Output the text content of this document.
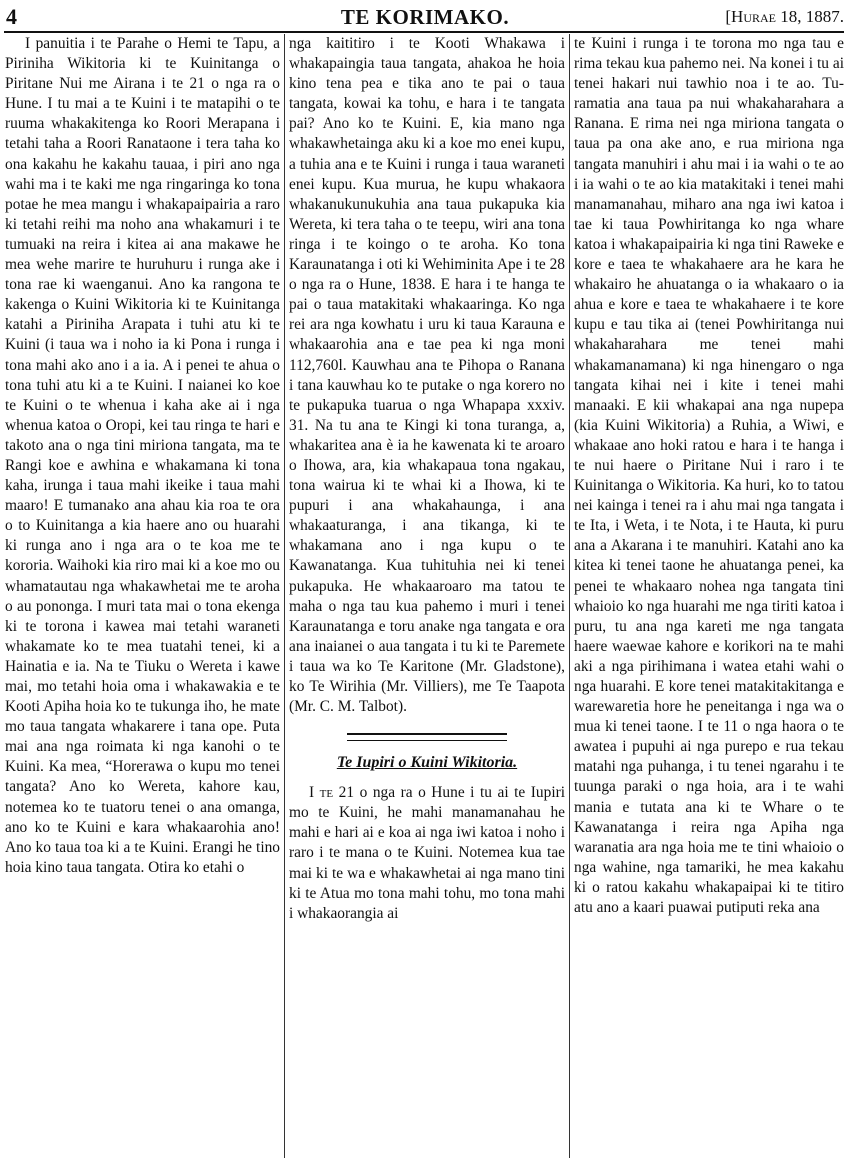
4	TE KORIMAKO.	[Hurae 18, 1887.

I panuitia i te Parahe o Hemi te Tapu, a Piriniha Wikitoria ki te Kuinitanga o Piritane Nui me Airana i te 21 o nga ra o Hune. I tu mai a te Kuini i te matapihi o te ruuma whakakitenga ko Roori Merapana i tetahi taha a Roori Ranataone i tera taha ko ona kakahu he kakahu tauaa, i piri ano nga wahi ma i te kaki me nga ringaringa ko tona potae he mea mangu i whakapaipairia a raro ki tetahi reihi ma noho ana whakamuri i te tumuaki na reira i kitea ai ana makawe he mea wehe marire te huruhuru i runga ake i tona rae ki waenganui. Ano ka rangona te kakenga o Kuini Wikitoria ki te Kuinitanga katahi a Piriniha Arapata i tuhi atu ki te Kuini (i taua wa i noho ia ki Pona i runga i tona mahi ako ano i a ia. A i penei te ahua o tona tuhi atu ki a te Kuini. I naianei ko koe te Kuini o te whenua i kaha ake ai i nga whenua katoa o Oropi, kei tau ringa te hari e takoto ana o nga tini miriona tangata, ma te Rangi koe e awhina e whakamana ki tona kaha, irunga i taua mahi ikeike i taua mahi maaro! E tumanako ana ahau kia roa te ora o to Kuinitanga a kia haere ano ou huarahi ki runga ano i nga ara o te koa me te kororia. Waihoki kia riro mai ki a koe mo ou whamatautau nga whakawhetai me te aroha o au pononga. I muri tata mai o tona ekenga ki te torona i kawea mai tetahi waraneti whakamate ko te mea tuatahi tenei, ki a Hainatia e ia. Na te Tiuku o Wereta i kawe mai, mo tetahi hoia oma i whakawakia e te Kooti Apiha hoia ko te tukunga iho, he mate mo taua tangata whakarere i tana ope. Puta mai ana nga roimata ki nga kanohi o te Kuini. Ka mea, “Horerawa o kupu mo tenei tangata? Ano ko Wereta, kahore kau, notemea ko te tuatoru tenei o ana omanga, ano ko te Kuini e kara whakaarohia ano! Ano ko taua toa ki a te Kuini. Erangi he tino hoia kino taua tangata. Otira ko etahi o

nga kaititiro i te Kooti Whakawa i whakapaingia taua tangata, ahakoa he hoia kino tena pea e tika ano te pai o taua tangata, kowai ka tohu, e hara i te tangata pai? Ano ko te Kuini. E, kia mano nga whakawhetainga aku ki a koe mo enei kupu, a tuhia ana e te Kuini i runga i taua waraneti enei kupu. Kua murua, he kupu whakaora whakanukunukuhia ana taua pukapuka kia Wereta, ki tera taha o te teepu, wiri ana tona ringa i te koingo o te aroha. Ko tona Karaunatanga i oti ki Wehiminita Ape i te 28 o nga ra o Hune, 1838. E hara i te hanga te pai o taua matakitaki whakaaringa. Ko nga rei ara nga kowhatu i uru ki taua Karauna e whakaarohia ana e tae pea ki nga moni 112,760l. Kauwhau ana te Pihopa o Ranana i tana kauwhau ko te putake o nga korero no te pukapuka tuarua o nga Whapapa xxxiv. 31. Na tu ana te Kingi ki tona turanga, a, whakaritea ana è ia he kawenata ki te aroaro o Ihowa, ara, kia whakapaua tona ngakau, tona wairua ki te whai ki a Ihowa, ki te pupuri i ana whakahaunga, i ana whakaaturanga, i ana tikanga, ki te whakamana ano i nga kupu o te Kawanatanga. Kua tuhituhia nei ki tenei pukapuka. He whakaaroaro ma tatou te maha o nga tau kua pahemo i muri i tenei Karaunatanga e toru anake nga tangata e ora ana inaianei o aua tangata i tu ki te Paremete i taua wa ko Te Karitone (Mr. Gladstone), ko Te Wirihia (Mr. Villiers), me Te Taapota (Mr. C. M. Talbot).

Te Iupiri o Kuini Wikitoria.

I te 21 o nga ra o Hune i tu ai te Iupiri mo te Kuini, he mahi manamanahau he mahi e hari ai e koa ai nga iwi katoa i noho i raro i te mana o te Kuini. Notemea kua tae mai ki te wa e whakawhetai ai nga mano tini ki te Atua mo tona mahi tohu, mo tona mahi i whakaorangia ai

te Kuini i runga i te torona mo nga tau e rima tekau kua pahemo nei. Na konei i tu ai tenei hakari nui tawhio noa i te ao. Tu-ramatia ana taua pa nui whakaharahara a Ranana. E rima nei nga miriona tangata o taua pa ona ake ano, e rua miriona nga tangata manuhiri i ahu mai i ia wahi o te ao i ia wahi o te ao kia matakitaki i tenei mahi manamanahau, miharo ana nga iwi katoa i tae ki taua Powhiritanga ko nga whare katoa i whakapaipairia ki nga tini Raweke e kore e taea te whakahaere ara he kara he whakairo he ahuatanga o ia whakaaro o ia ahua e kore e taea te whakahaere i te kore kupu e tau tika ai (tenei Powhiritanga nui whakaharahara me tenei mahi whakamanamana) ki nga hinengaro o nga tangata kihai nei i kite i tenei mahi manaaki. E kii whakapai ana nga nupepa (kia Kuini Wikitoria) a Ruhia, a Wiwi, e whakaae ano hoki ratou e hara i te hanga i te nui haere o Piritane Nui i raro i te Kuinitanga o Wikitoria. Ka huri, ko to tatou nei kainga i tenei ra i ahu mai nga tangata i te Ita, i Weta, i te Nota, i te Hauta, ki puru ana a Akarana i te manuhiri. Katahi ano ka kitea ki tenei taone he ahuatanga penei, ka penei te whakaaro nohea nga tangata tini whaioio ko nga huarahi me nga tiriti katoa i puru, tu ana nga kareti me nga tangata haere waewae kahore e korikori na te mahi aki a nga pirihimana i watea etahi wahi o nga huarahi. E kore tenei matakitakitanga e warewaretia hore he peneitanga i nga wa o mua ki tenei taone. I te 11 o nga haora o te awatea i pupuhi ai nga purepo e rua tekau matahi nga puhanga, i tu tenei ngarahu i te tuunga paraki o nga hoia, ara i te wahi mania e tutata ana ki te Whare o te Kawanatanga i reira nga Apiha nga waranatia ara nga hoia me te tini whaioio o nga wahine, nga tamariki, he mea kakahu ki o ratou kakahu whakapaipai ki te titiro atu ano a kaari puawai putiputi reka ana
